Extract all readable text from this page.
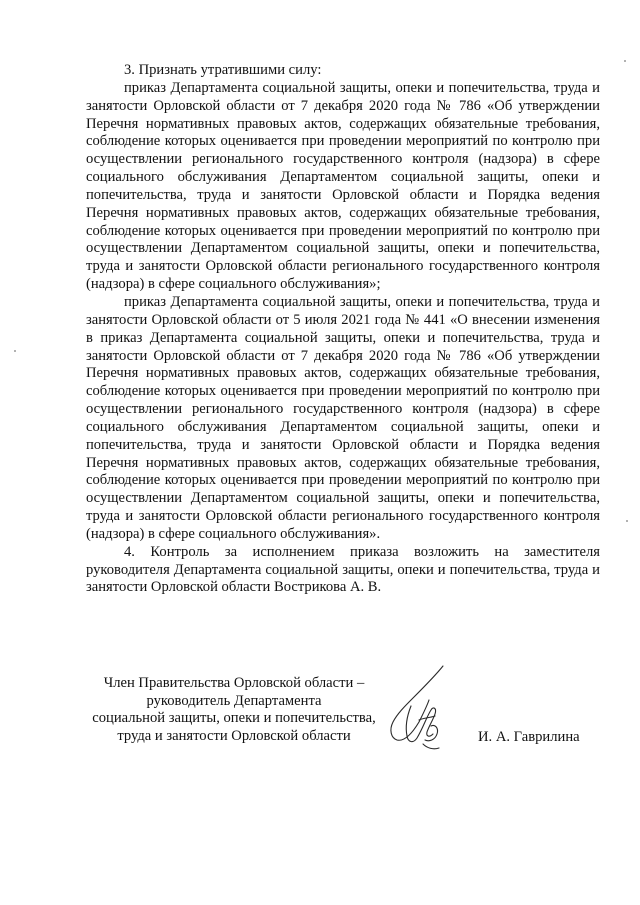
3. Признать утратившими силу:

приказ Департамента социальной защиты, опеки и попечительства, труда и занятости Орловской области от 7 декабря 2020 года № 786 «Об утверждении Перечня нормативных правовых актов, содержащих обязательные требования, соблюдение которых оценивается при проведении мероприятий по контролю при осуществлении регионального государственного контроля (надзора) в сфере социального обслуживания Департаментом социальной защиты, опеки и попечительства, труда и занятости Орловской области и Порядка ведения Перечня нормативных правовых актов, содержащих обязательные требования, соблюдение которых оценивается при проведении мероприятий по контролю при осуществлении Департаментом социальной защиты, опеки и попечительства, труда и занятости Орловской области регионального государственного контроля (надзора) в сфере социального обслуживания»;

приказ Департамента социальной защиты, опеки и попечительства, труда и занятости Орловской области от 5 июля 2021 года № 441 «О внесении изменения в приказ Департамента социальной защиты, опеки и попечительства, труда и занятости Орловской области от 7 декабря 2020 года № 786 «Об утверждении Перечня нормативных правовых актов, содержащих обязательные требования, соблюдение которых оценивается при проведении мероприятий по контролю при осуществлении регионального государственного контроля (надзора) в сфере социального обслуживания Департаментом социальной защиты, опеки и попечительства, труда и занятости Орловской области и Порядка ведения Перечня нормативных правовых актов, содержащих обязательные требования, соблюдение которых оценивается при проведении мероприятий по контролю при осуществлении Департаментом социальной защиты, опеки и попечительства, труда и занятости Орловской области регионального государственного контроля (надзора) в сфере социального обслуживания».

4. Контроль за исполнением приказа возложить на заместителя руководителя Департамента социальной защиты, опеки и попечительства, труда и занятости Орловской области Вострикова А. В.

Член Правительства Орловской области –
руководитель Департамента
социальной защиты, опеки и попечительства,
труда и занятости Орловской области	И. А. Гаврилина
